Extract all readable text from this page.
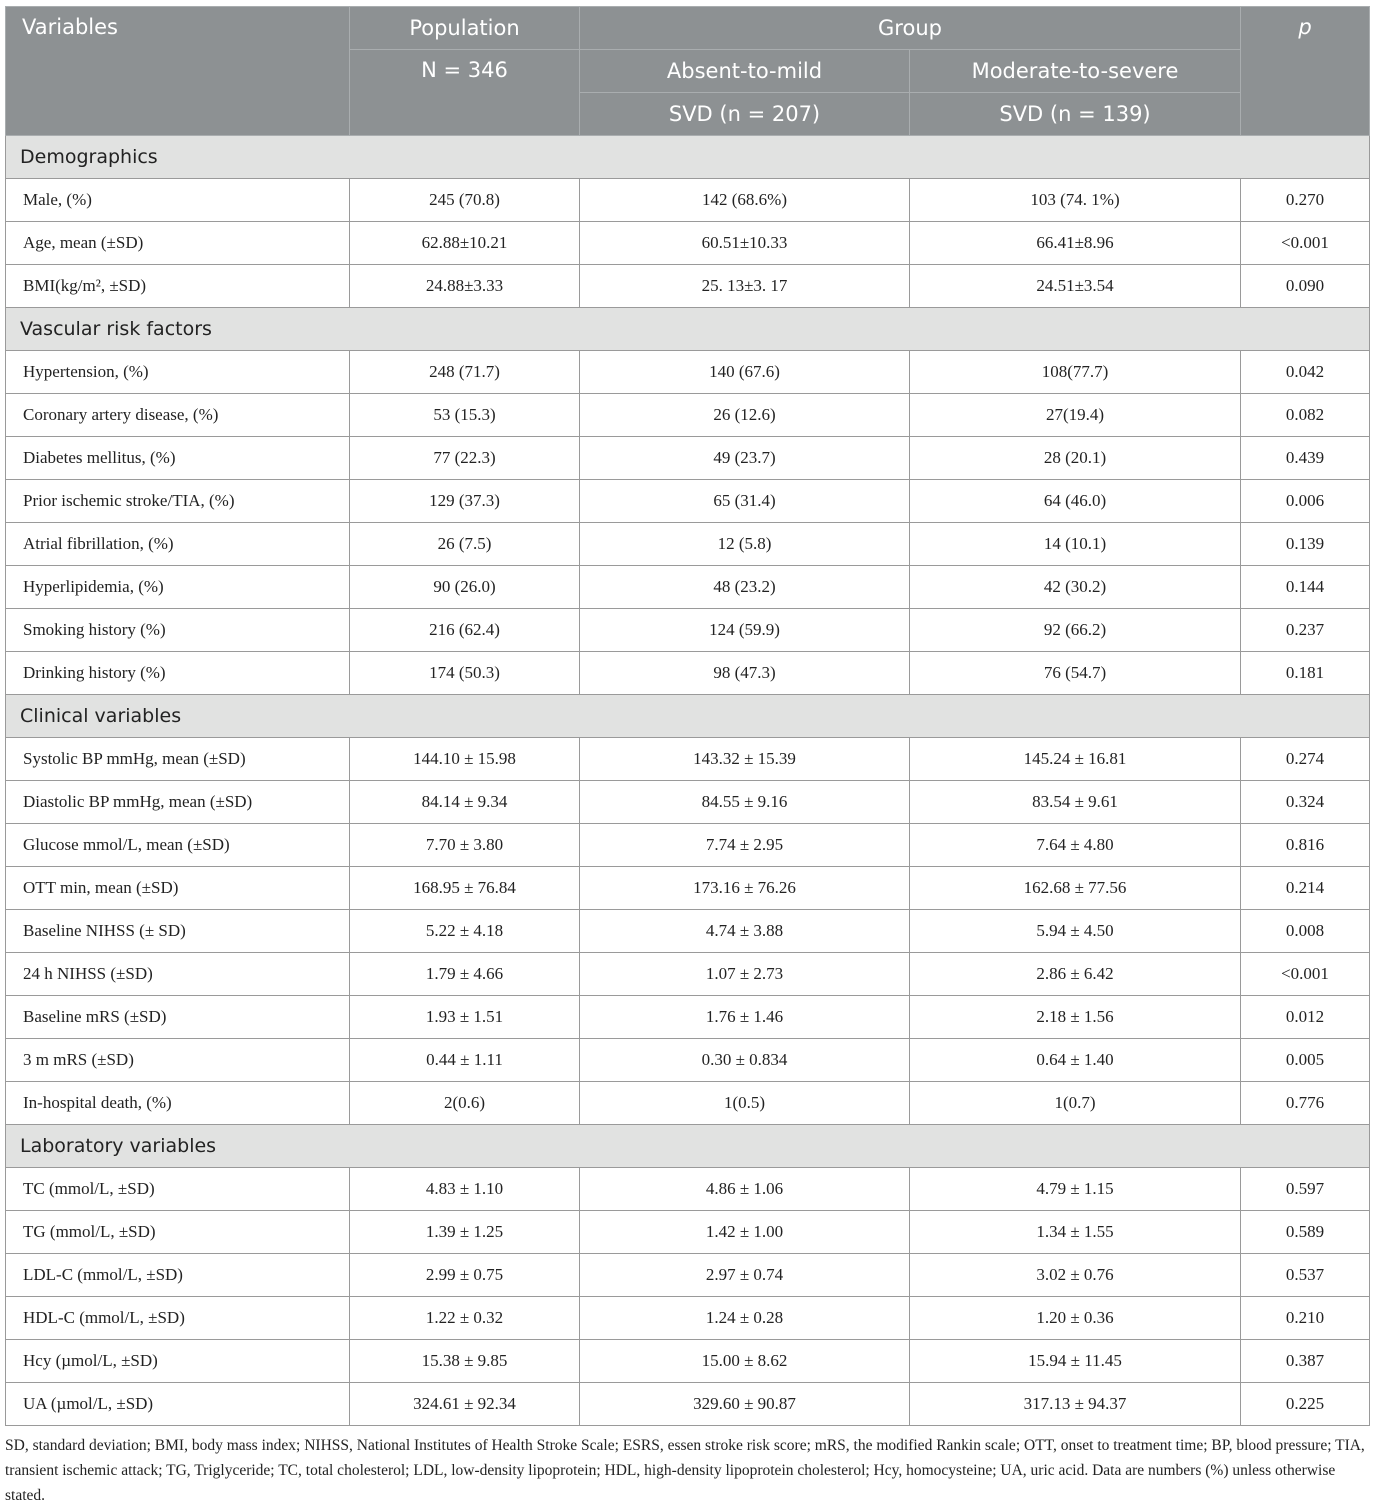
Variables	Population	Group		p
	N = 346	Absent-to-mild	Moderate-to-severe	
		SVD (n = 207)	SVD (n = 139)	
Demographics				
Male, (%)	245 (70.8)	142 (68.6%)	103 (74. 1%)	0.270
Age, mean (±SD)	62.88±10.21	60.51±10.33	66.41±8.96	<0.001
BMI(kg/m², ±SD)	24.88±3.33	25. 13±3. 17	24.51±3.54	0.090
Vascular risk factors				
Hypertension, (%)	248 (71.7)	140 (67.6)	108(77.7)	0.042
Coronary artery disease, (%)	53 (15.3)	26 (12.6)	27(19.4)	0.082
Diabetes mellitus, (%)	77 (22.3)	49 (23.7)	28 (20.1)	0.439
Prior ischemic stroke/TIA, (%)	129 (37.3)	65 (31.4)	64 (46.0)	0.006
Atrial fibrillation, (%)	26 (7.5)	12 (5.8)	14 (10.1)	0.139
Hyperlipidemia, (%)	90 (26.0)	48 (23.2)	42 (30.2)	0.144
Smoking history (%)	216 (62.4)	124 (59.9)	92 (66.2)	0.237
Drinking history (%)	174 (50.3)	98 (47.3)	76 (54.7)	0.181
Clinical variables				
Systolic BP mmHg, mean (±SD)	144.10 ± 15.98	143.32 ± 15.39	145.24 ± 16.81	0.274
Diastolic BP mmHg, mean (±SD)	84.14 ± 9.34	84.55 ± 9.16	83.54 ± 9.61	0.324
Glucose mmol/L, mean (±SD)	7.70 ± 3.80	7.74 ± 2.95	7.64 ± 4.80	0.816
OTT min, mean (±SD)	168.95 ± 76.84	173.16 ± 76.26	162.68 ± 77.56	0.214
Baseline NIHSS (± SD)	5.22 ± 4.18	4.74 ± 3.88	5.94 ± 4.50	0.008
24 h NIHSS (±SD)	1.79 ± 4.66	1.07 ± 2.73	2.86 ± 6.42	<0.001
Baseline mRS (±SD)	1.93 ± 1.51	1.76 ± 1.46	2.18 ± 1.56	0.012
3 m mRS (±SD)	0.44 ± 1.11	0.30 ± 0.834	0.64 ± 1.40	0.005
In-hospital death, (%)	2(0.6)	1(0.5)	1(0.7)	0.776
Laboratory variables				
TC (mmol/L, ±SD)	4.83 ± 1.10	4.86 ± 1.06	4.79 ± 1.15	0.597
TG (mmol/L, ±SD)	1.39 ± 1.25	1.42 ± 1.00	1.34 ± 1.55	0.589
LDL-C (mmol/L, ±SD)	2.99 ± 0.75	2.97 ± 0.74	3.02 ± 0.76	0.537
HDL-C (mmol/L, ±SD)	1.22 ± 0.32	1.24 ± 0.28	1.20 ± 0.36	0.210
Hcy (µmol/L, ±SD)	15.38 ± 9.85	15.00 ± 8.62	15.94 ± 11.45	0.387
UA (µmol/L, ±SD)	324.61 ± 92.34	329.60 ± 90.87	317.13 ± 94.37	0.225
SD, standard deviation; BMI, body mass index; NIHSS, National Institutes of Health Stroke Scale; ESRS, essen stroke risk score; mRS, the modified Rankin scale; OTT, onset to treatment time; BP, blood pressure; TIA, transient ischemic attack; TG, Triglyceride; TC, total cholesterol; LDL, low-density lipoprotein; HDL, high-density lipoprotein cholesterol; Hcy, homocysteine; UA, uric acid. Data are numbers (%) unless otherwise stated.
